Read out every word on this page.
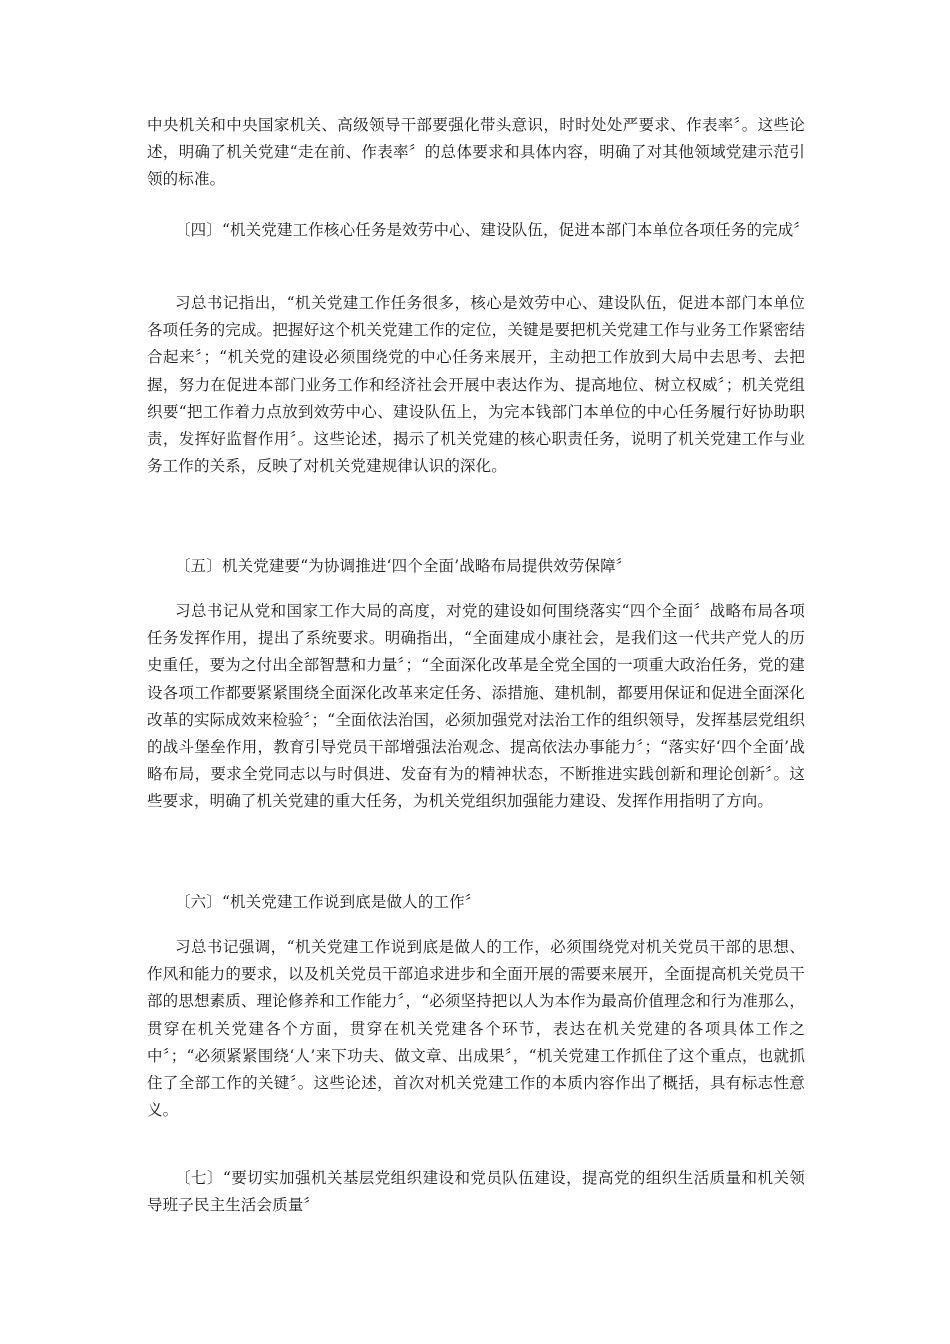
中央机关和中央国家机关、高级领导干部要强化带头意识，时时处处严要求、作表率〞。这些论述，明确了机关党建“走在前、作表率〞的总体要求和具体内容，明确了对其他领域党建示范引领的标准。

〔四〕“机关党建工作核心任务是效劳中心、建设队伍，促进本部门本单位各项任务的完成〞

习总书记指出，“机关党建工作任务很多，核心是效劳中心、建设队伍，促进本部门本单位各项任务的完成。把握好这个机关党建工作的定位，关键是要把机关党建工作与业务工作紧密结合起来〞；“机关党的建设必须围绕党的中心任务来展开，主动把工作放到大局中去思考、去把握，努力在促进本部门业务工作和经济社会开展中表达作为、提高地位、树立权威〞；机关党组织要“把工作着力点放到效劳中心、建设队伍上，为完本钱部门本单位的中心任务履行好协助职责，发挥好监督作用〞。这些论述，揭示了机关党建的核心职责任务，说明了机关党建工作与业务工作的关系，反映了对机关党建规律认识的深化。

〔五〕机关党建要“为协调推进‘四个全面’战略布局提供效劳保障〞

习总书记从党和国家工作大局的高度，对党的建设如何围绕落实“四个全面〞战略布局各项任务发挥作用，提出了系统要求。明确指出，“全面建成小康社会，是我们这一代共产党人的历史重任，要为之付出全部智慧和力量〞；“全面深化改革是全党全国的一项重大政治任务，党的建设各项工作都要紧紧围绕全面深化改革来定任务、添措施、建机制，都要用保证和促进全面深化改革的实际成效来检验〞；“全面依法治国，必须加强党对法治工作的组织领导，发挥基层党组织的战斗堡垒作用，教育引导党员干部增强法治观念、提高依法办事能力〞；“落实好‘四个全面’战略布局，要求全党同志以与时俱进、发奋有为的精神状态，不断推进实践创新和理论创新〞。这些要求，明确了机关党建的重大任务，为机关党组织加强能力建设、发挥作用指明了方向。

〔六〕“机关党建工作说到底是做人的工作〞

习总书记强调，“机关党建工作说到底是做人的工作，必须围绕党对机关党员干部的思想、作风和能力的要求，以及机关党员干部追求进步和全面开展的需要来展开，全面提高机关党员干部的思想素质、理论修养和工作能力〞，“必须坚持把以人为本作为最高价值理念和行为准那么，贯穿在机关党建各个方面，贯穿在机关党建各个环节，表达在机关党建的各项具体工作之中〞；“必须紧紧围绕‘人’来下功夫、做文章、出成果〞，“机关党建工作抓住了这个重点，也就抓住了全部工作的关键〞。这些论述，首次对机关党建工作的本质内容作出了概括，具有标志性意义。

〔七〕“要切实加强机关基层党组织建设和党员队伍建设，提高党的组织生活质量和机关领导班子民主生活会质量〞
